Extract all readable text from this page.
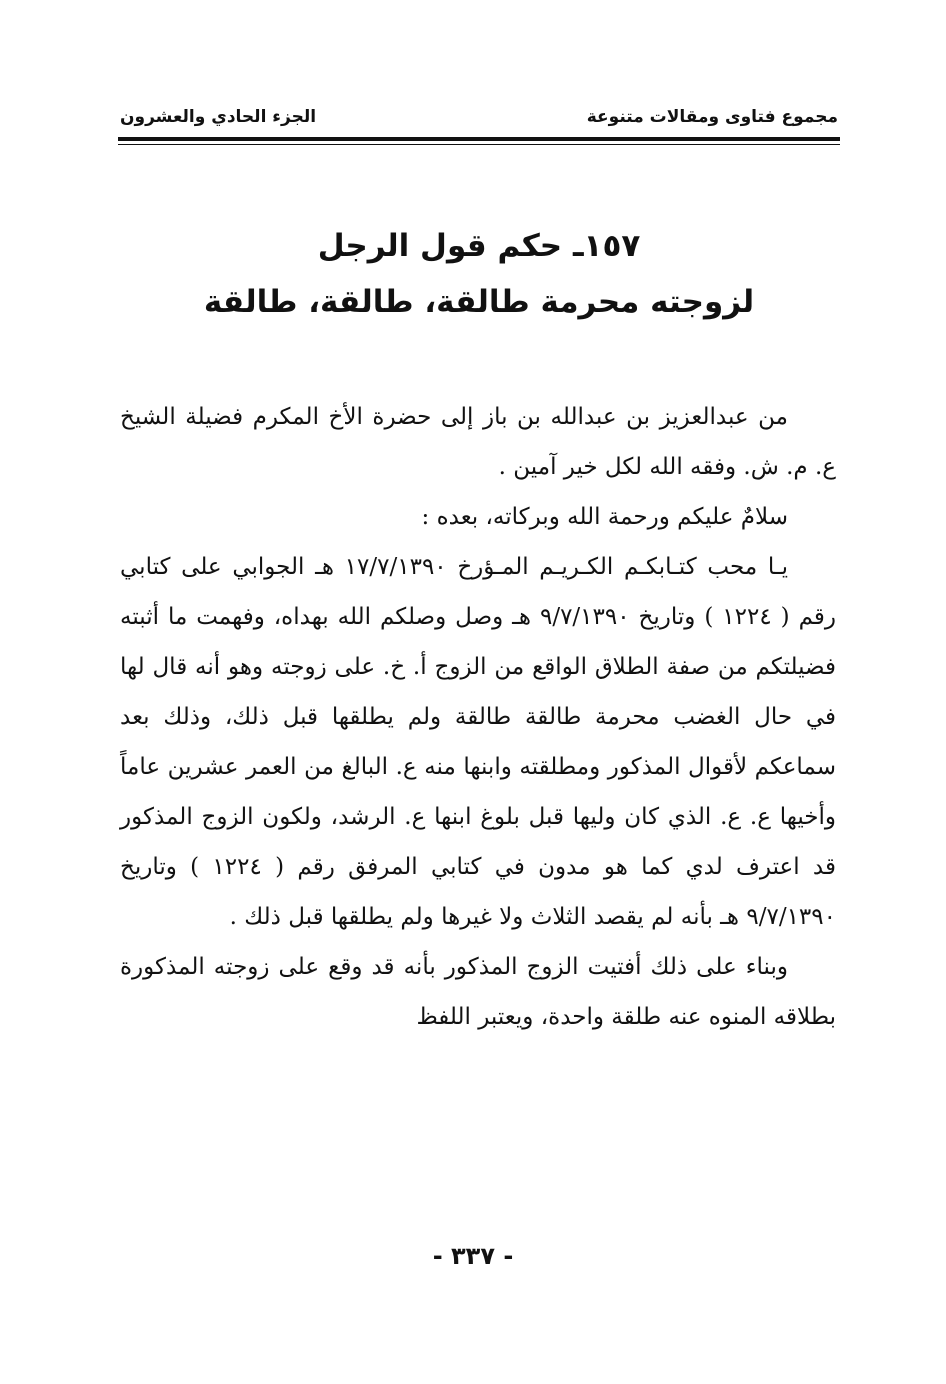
مجموع فتاوى ومقالات متنوعة
الجزء الحادي والعشرون
١٥٧ـ حكم قول الرجل
لزوجته محرمة طالقة، طالقة، طالقة

من عبدالعزيز بن عبدالله بن باز إلى حضرة الأخ المكرم فضيلة الشيخ ع. م. ش. وفقه الله لكل خير آمين .

سلامٌ عليكم ورحمة الله وبركاته، بعده :

يـا محب كتـابكـم الكـريـم المـؤرخ ١٧/٧/١٣٩٠ هـ الجوابي على كتابي رقم ( ١٢٢٤ ) وتاريخ ٩/٧/١٣٩٠ هـ وصل وصلكم الله بهداه، وفهمت ما أثبته فضيلتكم من صفة الطلاق الواقع من الزوج أ. خ. على زوجته وهو أنه قال لها في حال الغضب محرمة طالقة طالقة ولم يطلقها قبل ذلك، وذلك بعد سماعكم لأقوال المذكور ومطلقته وابنها منه ع. البالغ من العمر عشرين عاماً وأخيها ع. ع. الذي كان وليها قبل بلوغ ابنها ع. الرشد، ولكون الزوج المذكور قد اعترف لدي كما هو مدون في كتابي المرفق رقم ( ١٢٢٤ ) وتاريخ ٩/٧/١٣٩٠ هـ بأنه لم يقصد الثلاث ولا غيرها ولم يطلقها قبل ذلك .

وبناء على ذلك أفتيت الزوج المذكور بأنه قد وقع على زوجته المذكورة بطلاقه المنوه عنه طلقة واحدة، ويعتبر اللفظ

- ٣٣٧ -
